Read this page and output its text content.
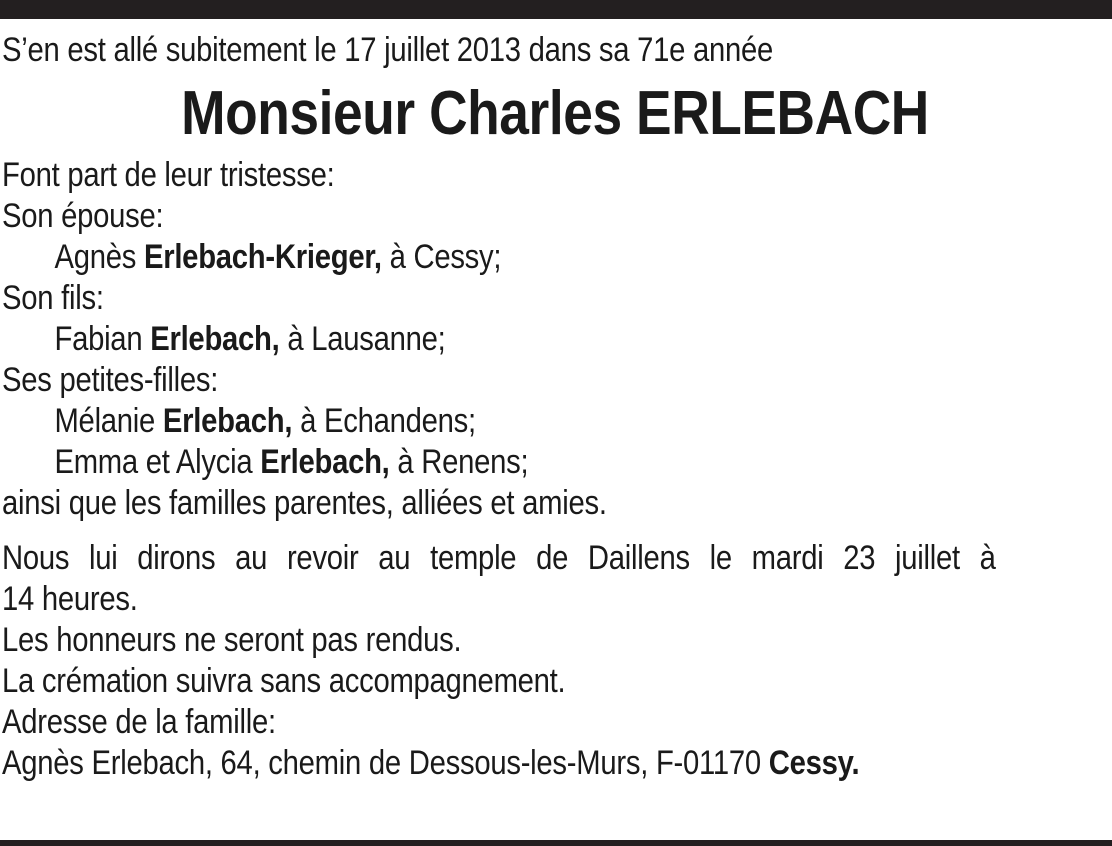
S’en est allé subitement le 17 juillet 2013 dans sa 71e année
Monsieur Charles ERLEBACH
Font part de leur tristesse:
Son épouse:
Agnès Erlebach-Krieger, à Cessy;
Son fils:
Fabian Erlebach, à Lausanne;
Ses petites-filles:
Mélanie Erlebach, à Echandens;
Emma et Alycia Erlebach, à Renens;
ainsi que les familles parentes, alliées et amies.
Nous lui dirons au revoir au temple de Daillens le mardi 23 juillet à
14 heures.
Les honneurs ne seront pas rendus.
La crémation suivra sans accompagnement.
Adresse de la famille:
Agnès Erlebach, 64, chemin de Dessous-les-Murs, F-01170 Cessy.
